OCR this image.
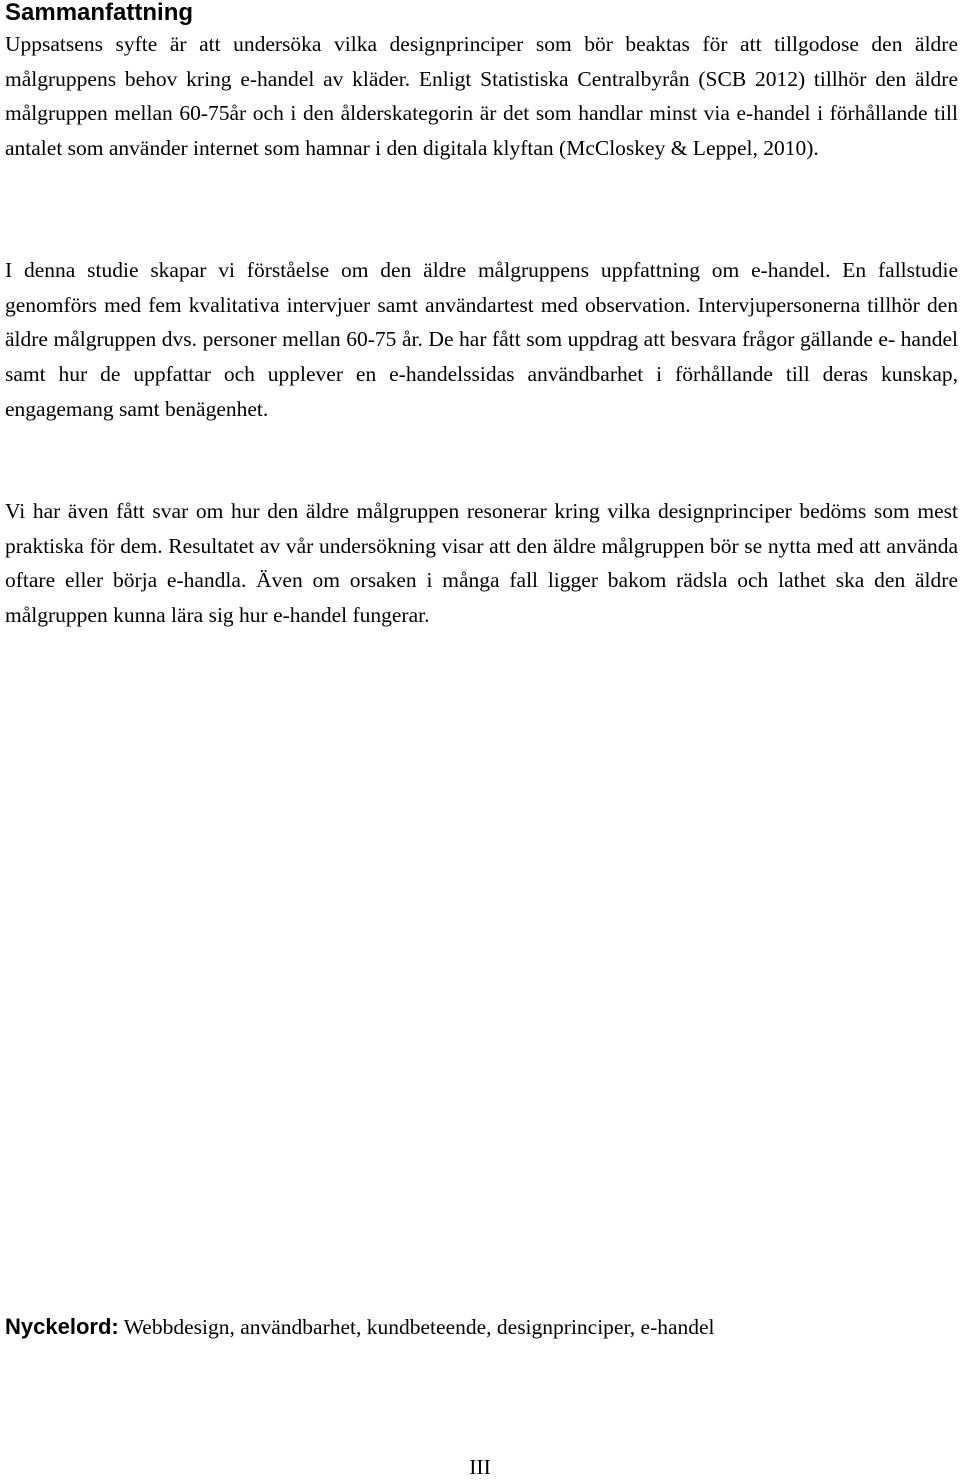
Sammanfattning

Uppsatsens syfte är att undersöka vilka designprinciper som bör beaktas för att tillgodose den äldre målgruppens behov kring e-handel av kläder. Enligt Statistiska Centralbyrån (SCB 2012) tillhör den äldre målgruppen mellan 60-75år och i den ålderskategorin är det som handlar minst via e-handel i förhållande till antalet som använder internet som hamnar i den digitala klyftan (McCloskey & Leppel, 2010).

I denna studie skapar vi förståelse om den äldre målgruppens uppfattning om e-handel. En fallstudie genomförs med fem kvalitativa intervjuer samt användartest med observation. Intervjupersonerna tillhör den äldre målgruppen dvs. personer mellan 60-75 år. De har fått som uppdrag att besvara frågor gällande e- handel samt hur de uppfattar och upplever en e-handelssidas användbarhet i förhållande till deras kunskap, engagemang samt benägenhet.

Vi har även fått svar om hur den äldre målgruppen resonerar kring vilka designprinciper bedöms som mest praktiska för dem. Resultatet av vår undersökning visar att den äldre målgruppen bör se nytta med att använda oftare eller börja e-handla. Även om orsaken i många fall ligger bakom rädsla och lathet ska den äldre målgruppen kunna lära sig hur e-handel fungerar.

Nyckelord: Webbdesign, användbarhet, kundbeteende, designprinciper, e-handel

III
